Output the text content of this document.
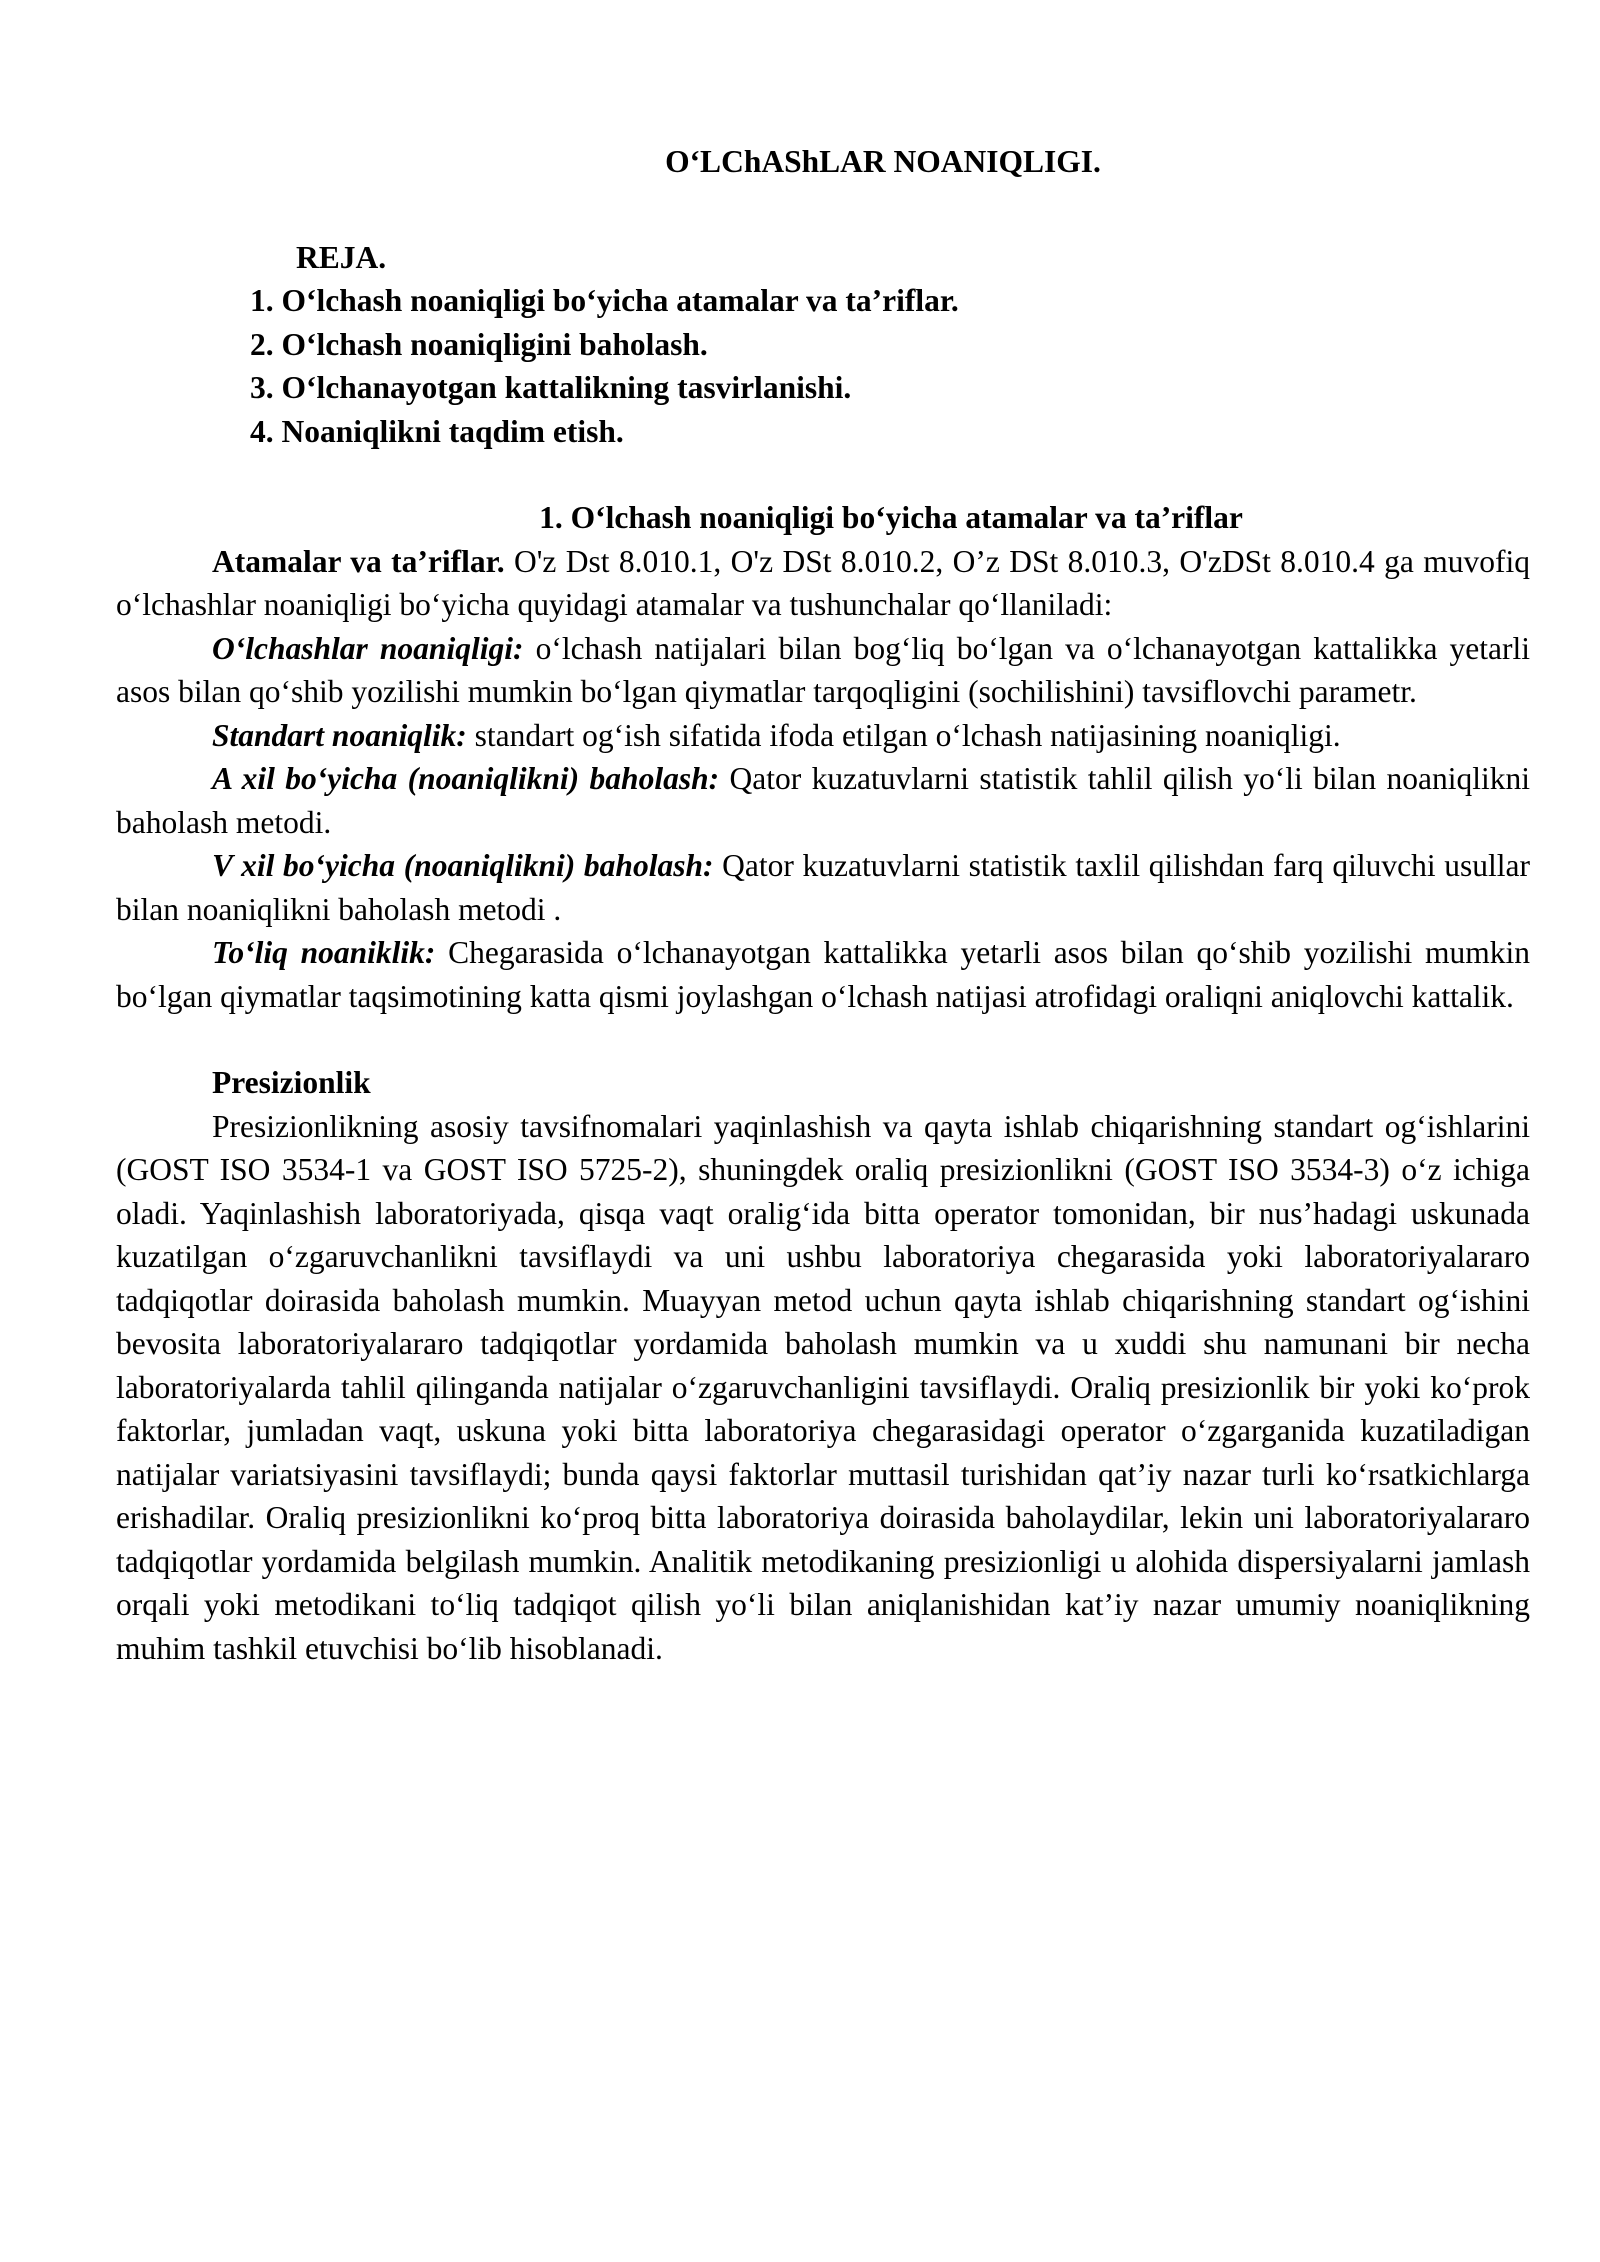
O‘LChAShLAR NOANIQLIGI.
REJA.
1. O‘lchash noaniqligi bo‘yicha atamalar va ta’riflar.
2. O‘lchash noaniqligini baholash.
3. O‘lchanayotgan kattalikning tasvirlanishi.
4. Noaniqlikni taqdim etish.
1. O‘lchash noaniqligi bo‘yicha atamalar va ta’riflar

Atamalar va ta’riflar. O'z Dst 8.010.1, O'z DSt 8.010.2, O’z DSt 8.010.3, O'zDSt 8.010.4 ga muvofiq o‘lchashlar noaniqligi bo‘yicha quyidagi atamalar va tushunchalar qo‘llaniladi:

O‘lchashlar noaniqligi: o‘lchash natijalari bilan bog‘liq bo‘lgan va o‘lchanayotgan kattalikka yetarli asos bilan qo‘shib yozilishi mumkin bo‘lgan qiymatlar tarqoqligini (sochilishini) tavsiflovchi parametr.

Standart noaniqlik: standart og‘ish sifatida ifoda etilgan o‘lchash natijasining noaniqligi.

A xil bo‘yicha (noaniqlikni) baholash: Qator kuzatuvlarni statistik tahlil qilish yo‘li bilan noaniqlikni baholash metodi.

V xil bo‘yicha (noaniqlikni) baholash: Qator kuzatuvlarni statistik taxlil qilishdan farq qiluvchi usullar bilan noaniqlikni baholash metodi .

To‘liq noaniklik: Chegarasida o‘lchanayotgan kattalikka yetarli asos bilan qo‘shib yozilishi mumkin bo‘lgan qiymatlar taqsimotining katta qismi joylashgan o‘lchash natijasi atrofidagi oraliqni aniqlovchi kattalik.

Presizionlik

Presizionlikning asosiy tavsifnomalari yaqinlashish va qayta ishlab chiqarishning standart og‘ishlarini (GOST ISO 3534-1 va GOST ISO 5725-2), shuningdek oraliq presizionlikni (GOST ISO 3534-3) o‘z ichiga oladi. Yaqinlashish laboratoriyada, qisqa vaqt oralig‘ida bitta operator tomonidan, bir nus’hadagi uskunada kuzatilgan o‘zgaruvchanlikni tavsiflaydi va uni ushbu laboratoriya chegarasida yoki laboratoriyalararo tadqiqotlar doirasida baholash mumkin. Muayyan metod uchun qayta ishlab chiqarishning standart og‘ishini bevosita laboratoriyalararo tadqiqotlar yordamida baholash mumkin va u xuddi shu namunani bir necha laboratoriyalarda tahlil qilinganda natijalar o‘zgaruvchanligini tavsiflaydi. Oraliq presizionlik bir yoki ko‘prok faktorlar, jumladan vaqt, uskuna yoki bitta laboratoriya chegarasidagi operator o‘zgarganida kuzatiladigan natijalar variatsiyasini tavsiflaydi; bunda qaysi faktorlar muttasil turishidan qat’iy nazar turli ko‘rsatkichlarga erishadilar. Oraliq presizionlikni ko‘proq bitta laboratoriya doirasida baholaydilar, lekin uni laboratoriyalararo tadqiqotlar yordamida belgilash mumkin. Analitik metodikaning presizionligi u alohida dispersiyalarni jamlash orqali yoki metodikani to‘liq tadqiqot qilish yo‘li bilan aniqlanishidan kat’iy nazar umumiy noaniqlikning muhim tashkil etuvchisi bo‘lib hisoblanadi.
